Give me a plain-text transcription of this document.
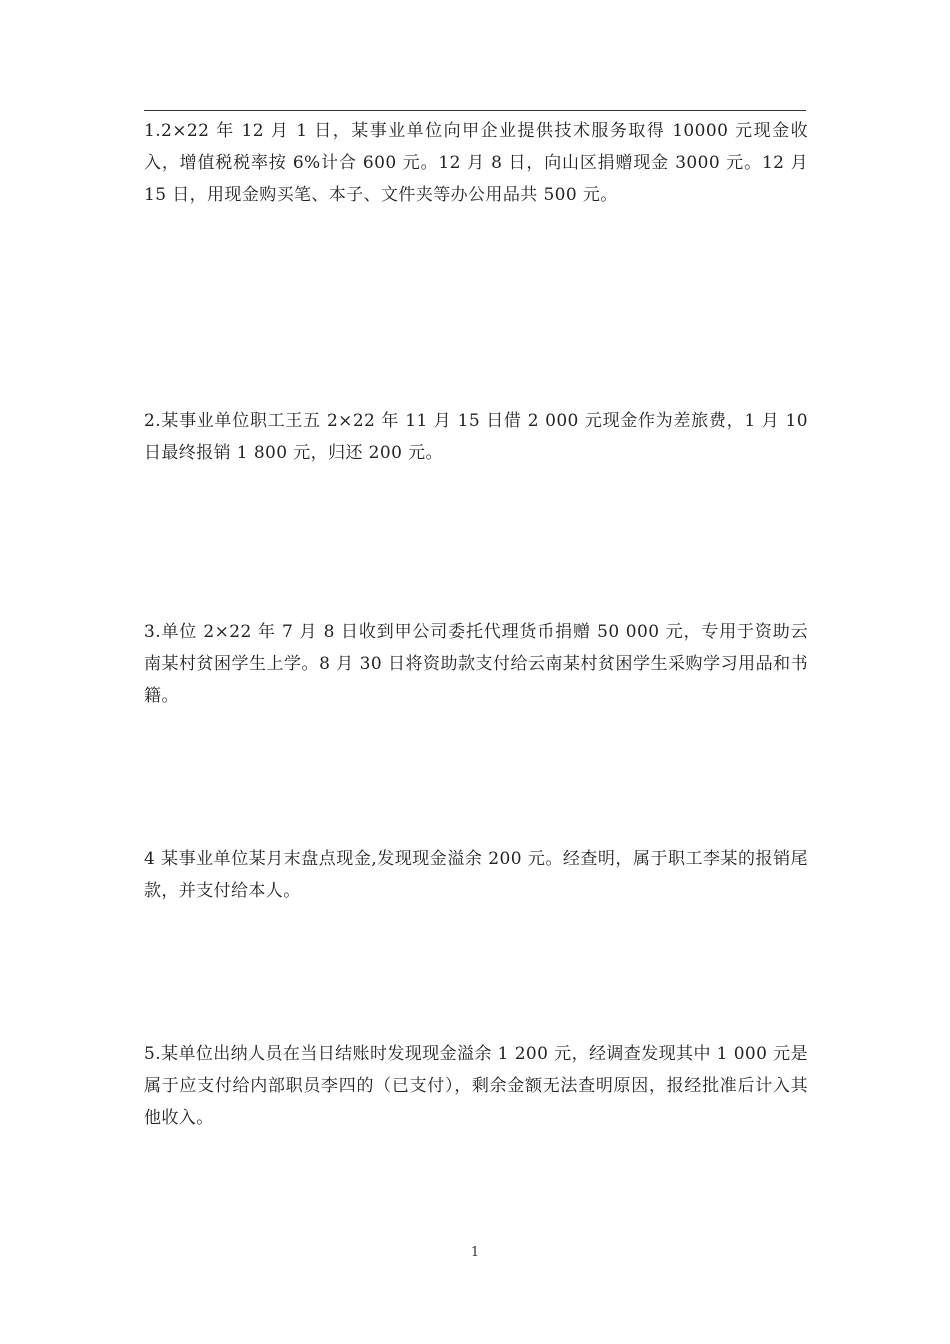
1.2×22 年 12 月 1 日，某事业单位向甲企业提供技术服务取得 10000 元现金收入，增值税税率按 6%计合 600 元。12 月 8 日，向山区捐赠现金 3000 元。12 月 15 日，用现金购买笔、本子、文件夹等办公用品共 500 元。

2.某事业单位职工王五 2×22 年 11 月 15 日借 2 000 元现金作为差旅费，1 月 10 日最终报销 1 800 元，归还 200 元。

3.单位 2×22 年 7 月 8 日收到甲公司委托代理货币捐赠 50 000 元，专用于资助云南某村贫困学生上学。8 月 30 日将资助款支付给云南某村贫困学生采购学习用品和书籍。

4 某事业单位某月末盘点现金,发现现金溢余 200 元。经查明，属于职工李某的报销尾款，并支付给本人。

5.某单位出纳人员在当日结账时发现现金溢余 1 200 元，经调查发现其中 1 000 元是属于应支付给内部职员李四的（已支付），剩余金额无法查明原因，报经批准后计入其他收入。

1
